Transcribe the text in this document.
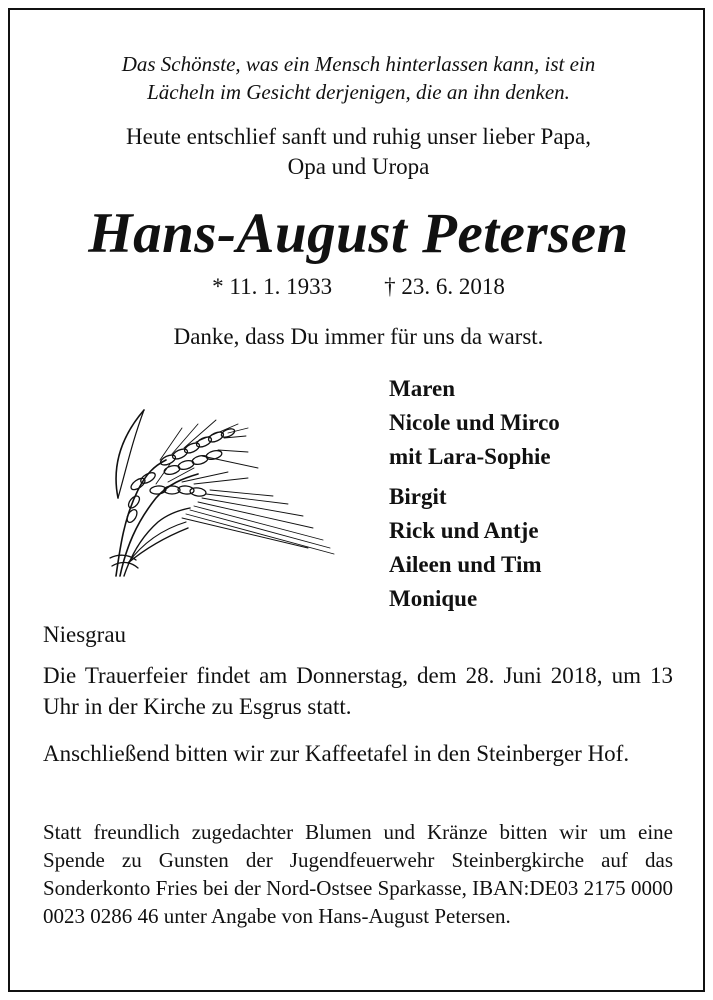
Das Schönste, was ein Mensch hinterlassen kann, ist ein
Lächeln im Gesicht derjenigen, die an ihn denken.
Heute entschlief sanft und ruhig unser lieber Papa,
Opa und Uropa
Hans-August Petersen
* 11. 1. 1933 † 23. 6. 2018
Danke, dass Du immer für uns da warst.
Maren
Nicole und Mirco
mit Lara-Sophie
Birgit
Rick und Antje
Aileen und Tim
Monique
Niesgrau
Die Trauerfeier findet am Donnerstag, dem 28. Juni 2018, um 13 Uhr in der Kirche zu Esgrus statt.
Anschließend bitten wir zur Kaffeetafel in den Steinberger Hof.
Statt freundlich zugedachter Blumen und Kränze bitten wir um eine Spende zu Gunsten der Jugendfeuerwehr Steinbergkirche auf das Sonderkonto Fries bei der Nord-Ostsee Sparkasse, IBAN:DE03 2175 0000 0023 0286 46 unter Angabe von Hans-August Petersen.
